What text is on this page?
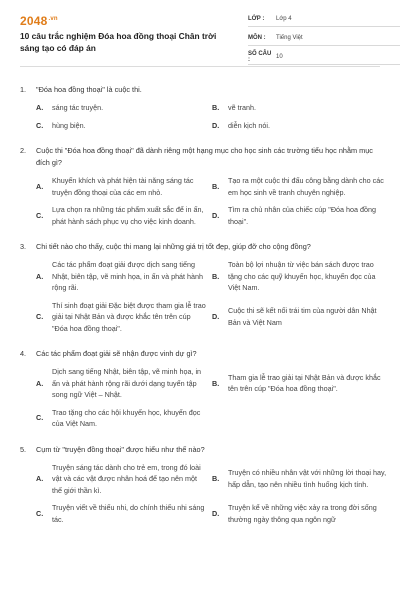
$2048^{.vn}$
10 câu trắc nghiệm Đóa hoa đồng thoại Chân trời sáng tạo có đáp án
LỚP :	Lớp 4
MÔN :	Tiếng Việt
SỐ CÂU :	10
1.	"Đóa hoa đồng thoại" là cuộc thi.
A.	sáng tác truyện.	B.	vẽ tranh.
C.	hùng biện.	D.	diễn kịch nói.
2.	Cuộc thi "Đóa hoa đồng thoại" đã dành riêng một hạng mục cho học sinh các trường tiểu học nhằm mục đích gì?
A.
Khuyến khích và phát hiện tài năng sáng tác truyện đồng thoại của các em nhỏ.
B.
Tạo ra một cuộc thi đấu công bằng dành cho các em học sinh về tranh chuyên nghiệp.
C.
Lựa chọn ra những tác phẩm xuất sắc để in ấn, phát hành sách phục vụ cho việc kinh doanh.
D.
Tìm ra chủ nhân của chiếc cúp "Đóa hoa đồng thoại".
3.	Chi tiết nào cho thấy, cuộc thi mang lại những giá trị tốt đẹp, giúp đỡ cho cộng đồng?
A.
Các tác phẩm đoạt giải được dịch sang tiếng Nhật, biên tập, vẽ minh họa, in ấn và phát hành rộng rãi.
B.
Toàn bộ lợi nhuận từ việc bán sách được trao tặng cho các quỹ khuyến học, khuyến đọc của Việt Nam.
C.
Thí sinh đoạt giải Đặc biệt được tham gia lễ trao giải tại Nhật Bản và được khắc tên trên cúp "Đóa hoa đồng thoại".
D.
Cuộc thi sẽ kết nối trái tim của người dân Nhật Bản và Việt Nam
4.	Các tác phẩm đoạt giải sẽ nhận được vinh dự gì?
A.
Dịch sang tiếng Nhật, biên tập, vẽ minh họa, in ấn và phát hành rộng rãi dưới dạng tuyển tập song ngữ Việt – Nhật.
B.
Tham gia lễ trao giải tại Nhật Bản và được khắc tên trên cúp "Đóa hoa đồng thoại".
C.
Trao tặng cho các hội khuyến học, khuyến đọc của Việt Nam.
5.	Cụm từ "truyện đồng thoại" được hiểu như thế nào?
A.
Truyện sáng tác dành cho trẻ em, trong đó loài vật và các vật được nhân hoá để tạo nên một thế giới thần kì.
B.
Truyện có nhiều nhân vật với những lời thoại hay, hấp dẫn, tạo nên nhiều tình huống kịch tính.
C.
Truyện viết về thiếu nhi, do chính thiếu nhi sáng tác.
D.
Truyện kể về những việc xảy ra trong đời sống thường ngày thông qua ngôn ngữ
